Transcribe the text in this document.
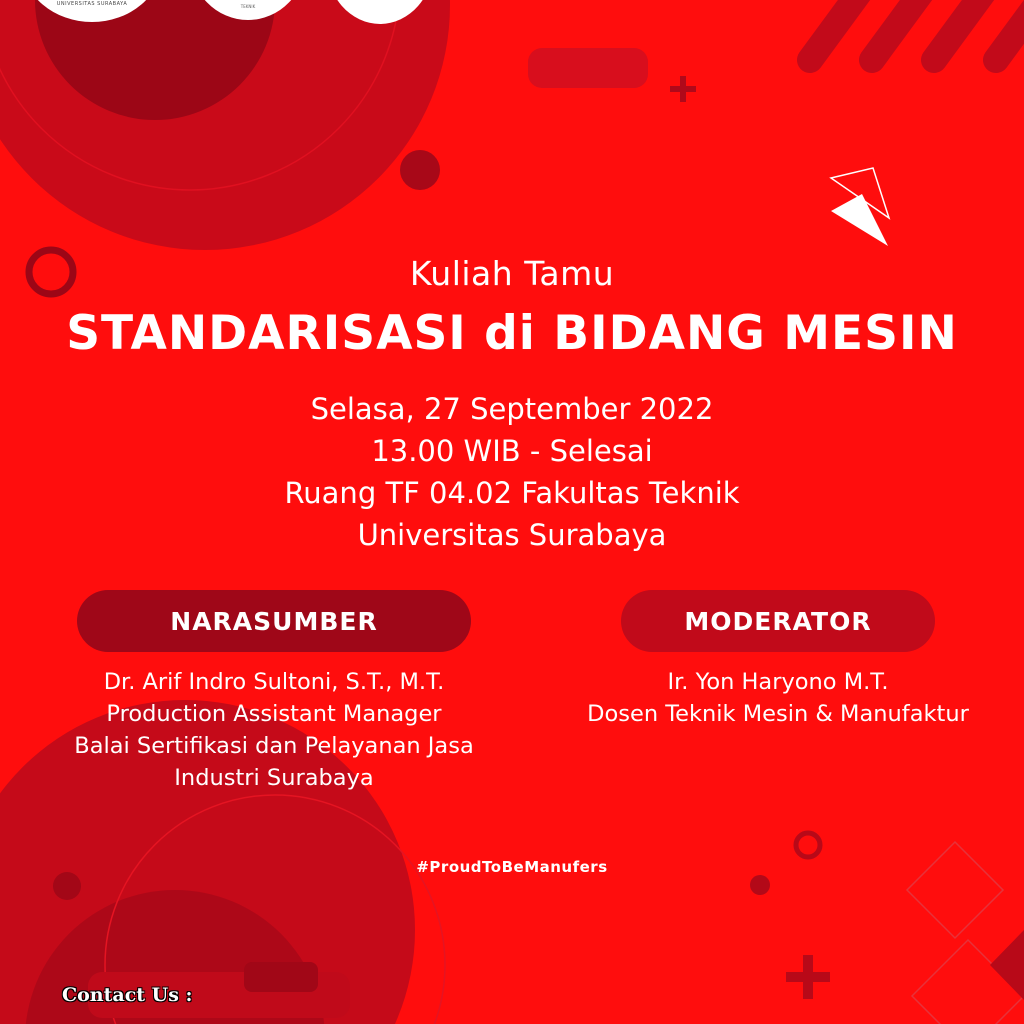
UNIVERSITAS SURABAYA	TEKNIK
Kuliah Tamu
STANDARISASI di BIDANG MESIN
Selasa, 27 September 2022
13.00 WIB - Selesai
Ruang TF 04.02 Fakultas Teknik
Universitas Surabaya
NARASUMBER	MODERATOR
Dr. Arif Indro Sultoni, S.T., M.T.
Production Assistant Manager
Balai Sertifikasi dan Pelayanan Jasa
Industri Surabaya
Ir. Yon Haryono M.T.
Dosen Teknik Mesin & Manufaktur
#ProudToBeManufers
Contact Us :
